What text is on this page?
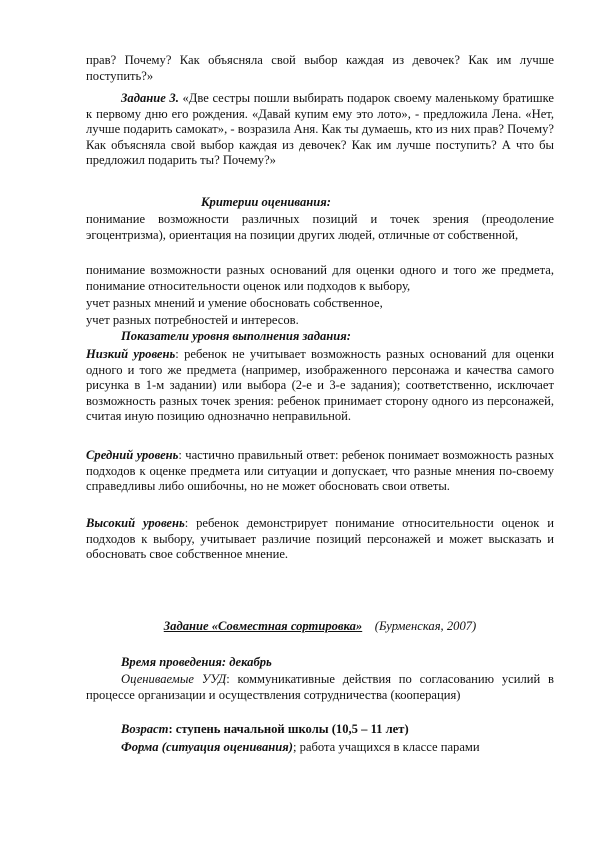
прав? Почему? Как объясняла свой выбор каждая из девочек? Как им лучше поступить?»

Задание 3. «Две сестры пошли выбирать подарок своему маленькому братишке к первому дню его рождения. «Давай купим ему это лото», - предложила Лена. «Нет, лучше подарить самокат», - возразила Аня. Как ты думаешь, кто из них прав? Почему? Как объясняла свой выбор каждая из девочек? Как им лучше поступить? А что бы предложил подарить ты? Почему?»

Критерии оценивания:

понимание возможности различных позиций и точек зрения (преодоление эгоцентризма), ориентация на позиции других людей, отличные от собственной,

понимание возможности разных оснований для оценки одного и того же предмета, понимание относительности оценок или подходов к выбору,

учет разных мнений и умение обосновать собственное,

учет разных потребностей и интересов.

Показатели уровня выполнения задания:

Низкий уровень: ребенок не учитывает возможность разных оснований для оценки одного и того же предмета (например, изображенного персонажа и качества самого рисунка в 1-м задании) или выбора (2-е и 3-е задания); соответственно, исключает возможность разных точек зрения: ребенок принимает сторону одного из персонажей, считая иную позицию однозначно неправильной.

Средний уровень: частично правильный ответ: ребенок понимает возможность разных подходов к оценке предмета или ситуации и допускает, что разные мнения по-своему справедливы либо ошибочны, но не может обосновать свои ответы.

Высокий уровень: ребенок демонстрирует понимание относительности оценок и подходов к выбору, учитывает различие позиций персонажей и может высказать и обосновать свое собственное мнение.

Задание «Совместная сортировка» (Бурменская, 2007)

Время проведения: декабрь

Оцениваемые УУД: коммуникативные действия по согласованию усилий в процессе организации и осуществления сотрудничества (кооперация)

Возраст: ступень начальной школы (10,5 – 11 лет)

Форма (ситуация оценивания); работа учащихся в классе парами
